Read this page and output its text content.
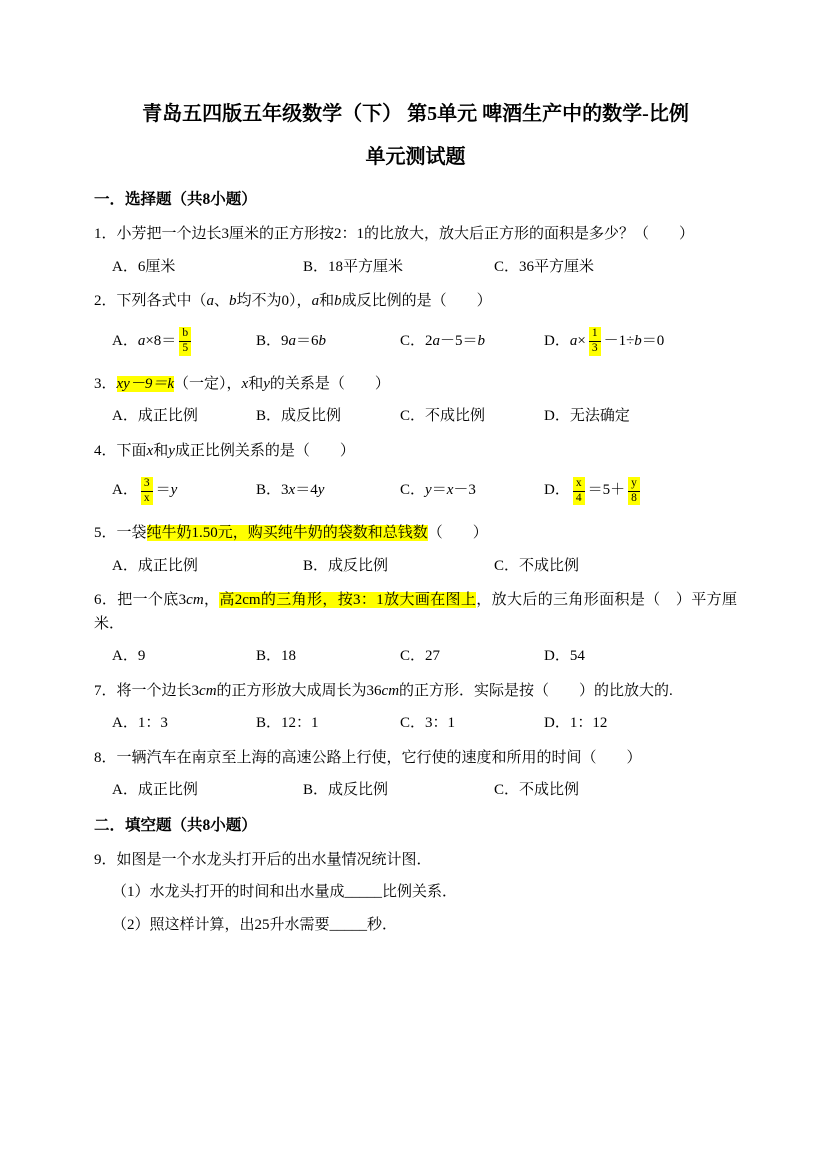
青岛五四版五年级数学（下） 第5单元 啤酒生产中的数学-比例
单元测试题
一．选择题（共8小题）

1．小芳把一个边长3厘米的正方形按2：1的比放大，放大后正方形的面积是多少？（　　）

A．6厘米	B．18平方厘米	C．36平方厘米

2．下列各式中（a、b均不为0），a和b成反比例的是（　　）

A． $a \times 8= \frac{b}{5}$	B．9 a ＝6 b	C．2 a －5＝ b	D． $a \times \frac{1}{3} -1\div b =0$

3．xy－9＝k（一定），x和y的关系是（　　）

A．成正比例	B．成反比例	C．不成比例	D．无法确定

4．下面x和y成正比例关系的是（　　）

A． $\frac{3}{x} = y$	B．3 x ＝4 y	C． y ＝ x －3	D． $\frac{x}{4} =5+ \frac{y}{8}$

5．一袋纯牛奶1.50元，购买纯牛奶的袋数和总钱数（　　）

A．成正比例	B．成反比例	C．不成比例

6．把一个底3cm，高2cm的三角形，按3：1放大画在图上，放大后的三角形面积是（　）平方厘米．

A．9	B．18	C．27	D．54

7．将一个边长3cm的正方形放大成周长为36cm的正方形．实际是按（　　）的比放大的.

A．1：3	B．12：1	C．3：1	D．1：12

8．一辆汽车在南京至上海的高速公路上行使，它行使的速度和所用的时间（　　）

A．成正比例	B．成反比例	C．不成比例
二．填空题（共8小题）

9．如图是一个水龙头打开后的出水量情况统计图．

（1）水龙头打开的时间和出水量成_____比例关系．

（2）照这样计算，出25升水需要_____秒．
